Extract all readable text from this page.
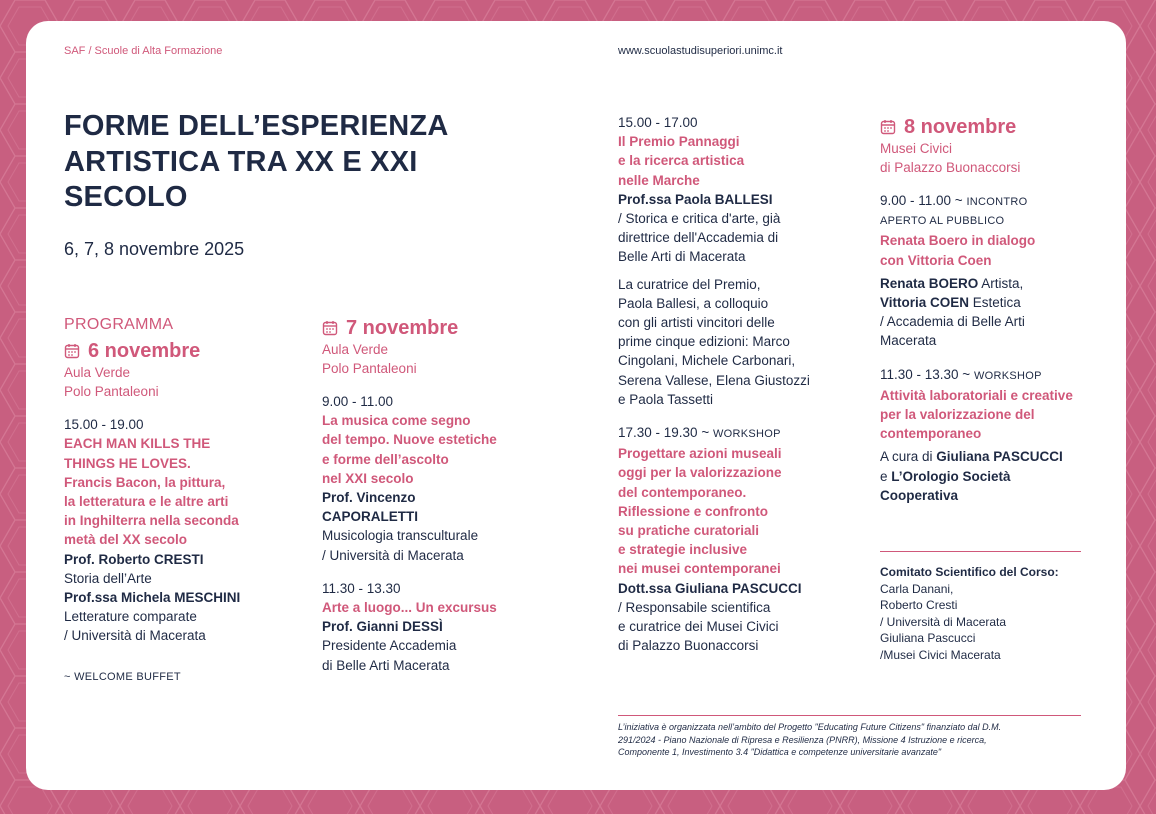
SAF / Scuole di Alta Formazione	www.scuolastudisuperiori.unimc.it
FORME DELL’ESPERIENZA ARTISTICA TRA XX E XXI SECOLO
6, 7, 8 novembre 2025
PROGRAMMA
6 novembre
Aula Verde
Polo Pantaleoni
15.00 - 19.00
EACH MAN KILLS THE
THINGS HE LOVES.
Francis Bacon, la pittura,
la letteratura e le altre arti
in Inghilterra nella seconda
metà del XX secolo
Prof. Roberto CRESTI
Storia dell’Arte
Prof.ssa Michela MESCHINI
Letterature comparate
/ Università di Macerata
~ WELCOME BUFFET
7 novembre
Aula Verde
Polo Pantaleoni
9.00 - 11.00
La musica come segno
del tempo. Nuove estetiche
e forme dell’ascolto
nel XXI secolo
Prof. Vincenzo
CAPORALETTI
Musicologia transculturale
/ Università di Macerata
11.30 - 13.30
Arte a luogo... Un excursus
Prof. Gianni DESSÌ
Presidente Accademia
di Belle Arti Macerata
15.00 - 17.00
Il Premio Pannaggi
e la ricerca artistica
nelle Marche
Prof.ssa Paola BALLESI
/ Storica e critica d'arte, già
direttrice dell'Accademia di
Belle Arti di Macerata
La curatrice del Premio,
Paola Ballesi, a colloquio
con gli artisti vincitori delle
prime cinque edizioni: Marco
Cingolani, Michele Carbonari,
Serena Vallese, Elena Giustozzi
e Paola Tassetti
17.30 - 19.30 ~ WORKSHOP
Progettare azioni museali
oggi per la valorizzazione
del contemporaneo.
Riflessione e confronto
su pratiche curatoriali
e strategie inclusive
nei musei contemporanei
Dott.ssa Giuliana PASCUCCI
/ Responsabile scientifica
e curatrice dei Musei Civici
di Palazzo Buonaccorsi
8 novembre
Musei Civici
di Palazzo Buonaccorsi
9.00 - 11.00 ~ INCONTRO
APERTO AL PUBBLICO
Renata Boero in dialogo
con Vittoria Coen
Renata BOERO Artista,
Vittoria COEN Estetica
/ Accademia di Belle Arti
Macerata
11.30 - 13.30 ~ WORKSHOP
Attività laboratoriali e creative
per la valorizzazione del
contemporaneo
A cura di Giuliana PASCUCCI
e L’Orologio Società
Cooperativa
Comitato Scientifico del Corso:
Carla Danani,
Roberto Cresti
/ Università di Macerata
Giuliana Pascucci
/Musei Civici Macerata
L’iniziativa è organizzata nell’ambito del Progetto "Educating Future Citizens" finanziato dal D.M.
291/2024 - Piano Nazionale di Ripresa e Resilienza (PNRR), Missione 4 Istruzione e ricerca,
Componente 1, Investimento 3.4 "Didattica e competenze universitarie avanzate"
